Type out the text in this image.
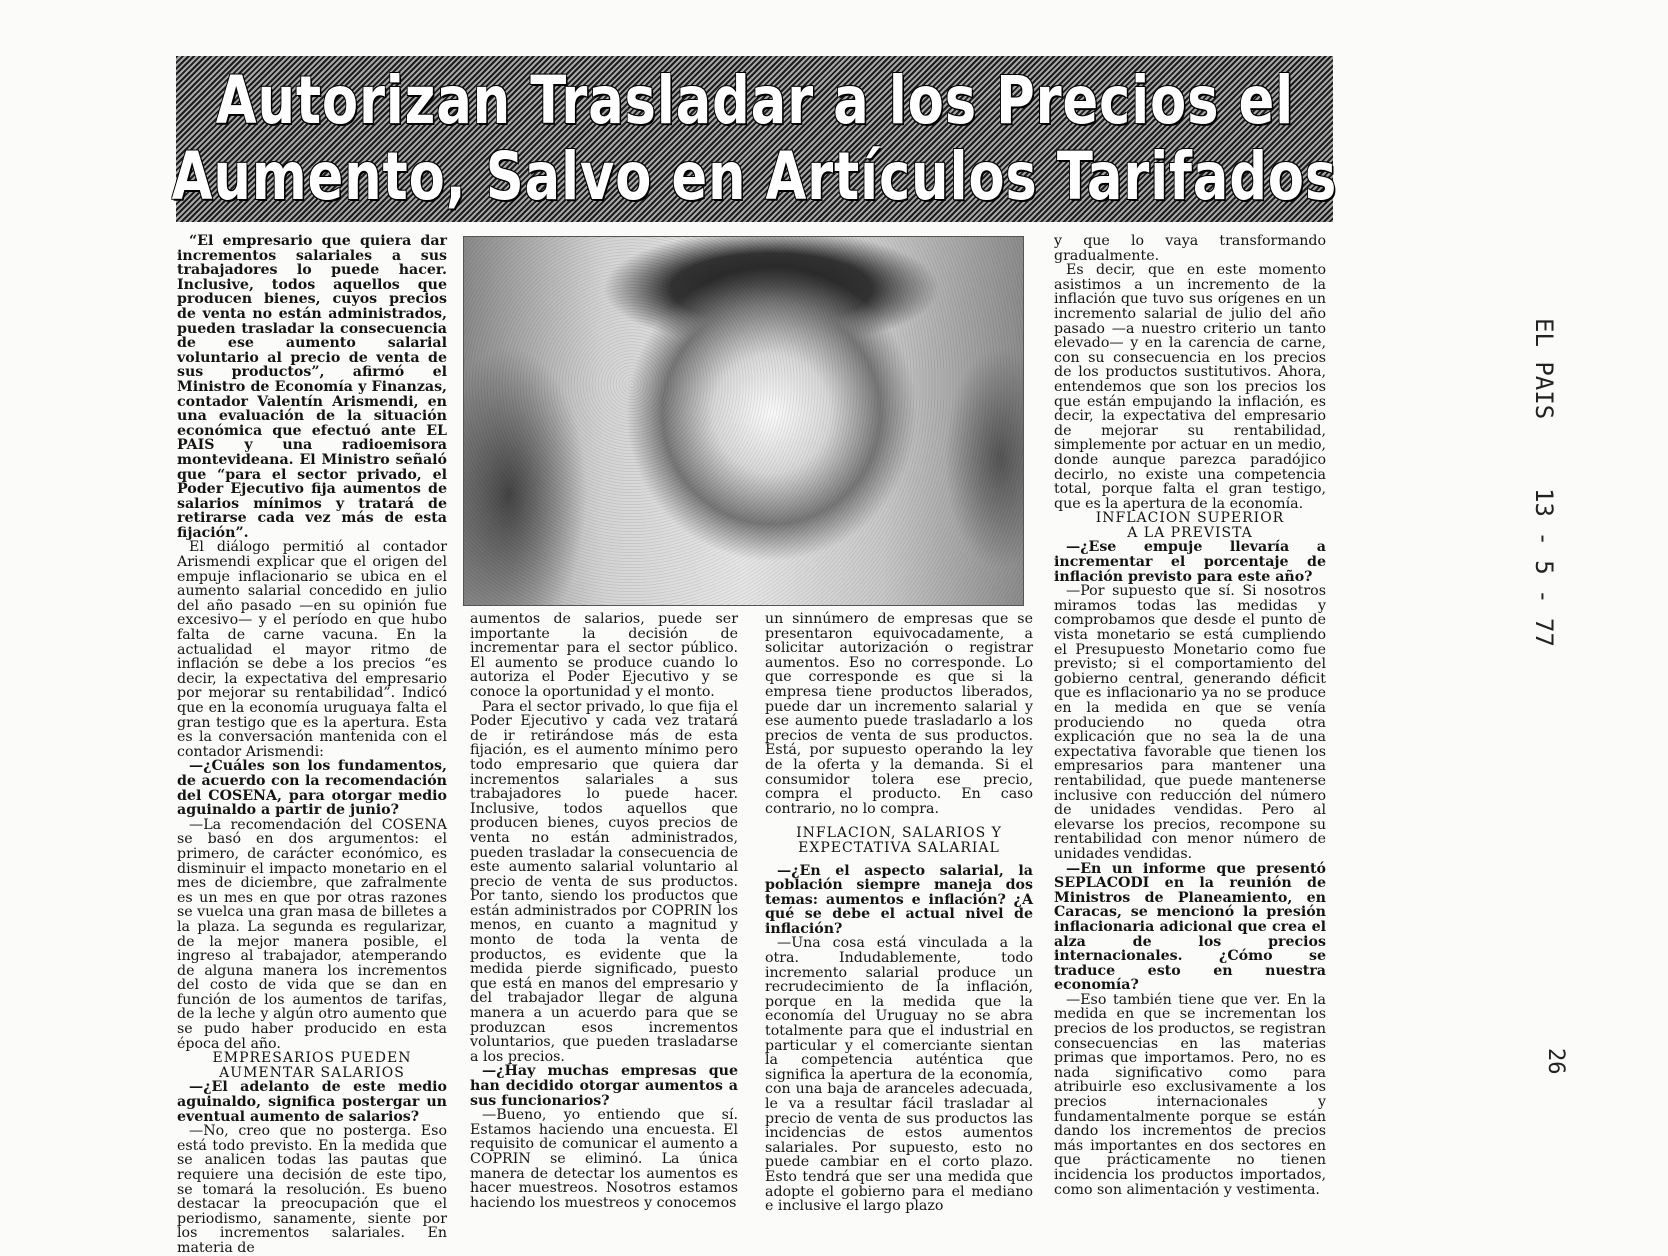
Autorizan Trasladar a los Precios el
Aumento, Salvo en Artículos Tarifados

“El empresario que quiera dar incrementos salariales a sus trabajadores lo puede hacer. Inclusive, todos aquellos que producen bienes, cuyos precios de venta no están administrados, pueden trasladar la consecuencia de ese aumento salarial voluntario al precio de venta de sus productos”, afirmó el Ministro de Economía y Finanzas, contador Valentín Arismendi, en una evaluación de la situación económica que efectuó ante EL PAIS y una radioemisora montevideana. El Ministro señaló que “para el sector privado, el Poder Ejecutivo fija aumentos de salarios mínimos y tratará de retirarse cada vez más de esta fijación”.

El diálogo permitió al contador Arismendi explicar que el origen del empuje inflacionario se ubica en el aumento salarial concedido en julio del año pasado —en su opinión fue excesivo— y el período en que hubo falta de carne vacuna. En la actualidad el mayor ritmo de inflación se debe a los precios “es decir, la expectativa del empresario por mejorar su rentabilidad”. Indicó que en la economía uruguaya falta el gran testigo que es la apertura. Esta es la conversación mantenida con el contador Arismendi:

—¿Cuáles son los fundamentos, de acuerdo con la recomendación del COSENA, para otorgar medio aguinaldo a partir de junio?

—La recomendación del COSENA se basó en dos argumentos: el primero, de carácter económico, es disminuir el impacto monetario en el mes de diciembre, que zafralmente es un mes en que por otras razones se vuelca una gran masa de billetes a la plaza. La segunda es regularizar, de la mejor manera posible, el ingreso al trabajador, atemperando de alguna manera los incrementos del costo de vida que se dan en función de los aumentos de tarifas, de la leche y algún otro aumento que se pudo haber producido en esta época del año.

EMPRESARIOS PUEDEN

AUMENTAR SALARIOS

—¿El adelanto de este medio aguinaldo, significa postergar un eventual aumento de salarios?

—No, creo que no posterga. Eso está todo previsto. En la medida que se analicen todas las pautas que requiere una decisión de este tipo, se tomará la resolución. Es bueno destacar la preocupación que el periodismo, sanamente, siente por los incrementos salariales. En materia de

aumentos de salarios, puede ser importante la decisión de incrementar para el sector público. El aumento se produce cuando lo autoriza el Poder Ejecutivo y se conoce la oportunidad y el monto.

Para el sector privado, lo que fija el Poder Ejecutivo y cada vez tratará de ir retirándose más de esta fijación, es el aumento mínimo pero todo empresario que quiera dar incrementos salariales a sus trabajadores lo puede hacer. Inclusive, todos aquellos que producen bienes, cuyos precios de venta no están administrados, pueden trasladar la consecuencia de este aumento salarial voluntario al precio de venta de sus productos. Por tanto, siendo los productos que están administrados por COPRIN los menos, en cuanto a magnitud y monto de toda la venta de productos, es evidente que la medida pierde significado, puesto que está en manos del empresario y del trabajador llegar de alguna manera a un acuerdo para que se produzcan esos incrementos voluntarios, que pueden trasladarse a los precios.

—¿Hay muchas empresas que han decidido otorgar aumentos a sus funcionarios?

—Bueno, yo entiendo que sí. Estamos haciendo una encuesta. El requisito de comunicar el aumento a COPRIN se eliminó. La única manera de detectar los aumentos es hacer muestreos. Nosotros estamos haciendo los muestreos y conocemos

un sinnúmero de empresas que se presentaron equivocadamente, a solicitar autorización o registrar aumentos. Eso no corresponde. Lo que corresponde es que si la empresa tiene productos liberados, puede dar un incremento salarial y ese aumento puede trasladarlo a los precios de venta de sus productos. Está, por supuesto operando la ley de la oferta y la demanda. Si el consumidor tolera ese precio, compra el producto. En caso contrario, no lo compra.

INFLACION, SALARIOS Y

EXPECTATIVA SALARIAL

—¿En el aspecto salarial, la población siempre maneja dos temas: aumentos e inflación? ¿A qué se debe el actual nivel de inflación?

—Una cosa está vinculada a la otra. Indudablemente, todo incremento salarial produce un recrudecimiento de la inflación, porque en la medida que la economía del Uruguay no se abra totalmente para que el industrial en particular y el comerciante sientan la competencia auténtica que significa la apertura de la economía, con una baja de aranceles adecuada, le va a resultar fácil trasladar al precio de venta de sus productos las incidencias de estos aumentos salariales. Por supuesto, esto no puede cambiar en el corto plazo. Esto tendrá que ser una medida que adopte el gobierno para el mediano e inclusive el largo plazo

y que lo vaya transformando gradualmente.

Es decir, que en este momento asistimos a un incremento de la inflación que tuvo sus orígenes en un incremento salarial de julio del año pasado —a nuestro criterio un tanto elevado— y en la carencia de carne, con su consecuencia en los precios de los productos sustitutivos. Ahora, entendemos que son los precios los que están empujando la inflación, es decir, la expectativa del empresario de mejorar su rentabilidad, simplemente por actuar en un medio, donde aunque parezca paradójico decirlo, no existe una competencia total, porque falta el gran testigo, que es la apertura de la economía.

INFLACION SUPERIOR

A LA PREVISTA

—¿Ese empuje llevaría a incrementar el porcentaje de inflación previsto para este año?

—Por supuesto que sí. Si nosotros miramos todas las medidas y comprobamos que desde el punto de vista monetario se está cumpliendo el Presupuesto Monetario como fue previsto; si el comportamiento del gobierno central, generando déficit que es inflacionario ya no se produce en la medida en que se venía produciendo no queda otra explicación que no sea la de una expectativa favorable que tienen los empresarios para mantener una rentabilidad, que puede mantenerse inclusive con reducción del número de unidades vendidas. Pero al elevarse los precios, recompone su rentabilidad con menor número de unidades vendidas.

—En un informe que presentó SEPLACODI en la reunión de Ministros de Planeamiento, en Caracas, se mencionó la presión inflacionaria adicional que crea el alza de los precios internacionales. ¿Cómo se traduce esto en nuestra economía?

—Eso también tiene que ver. En la medida en que se incrementan los precios de los productos, se registran consecuencias en las materias primas que importamos. Pero, no es nada significativo como para atribuirle eso exclusivamente a los precios internacionales y fundamentalmente porque se están dando los incrementos de precios más importantes en dos sectores en que prácticamente no tienen incidencia los productos importados, como son alimentación y vestimenta.

EL PAIS
13 - 5 - 77
26
